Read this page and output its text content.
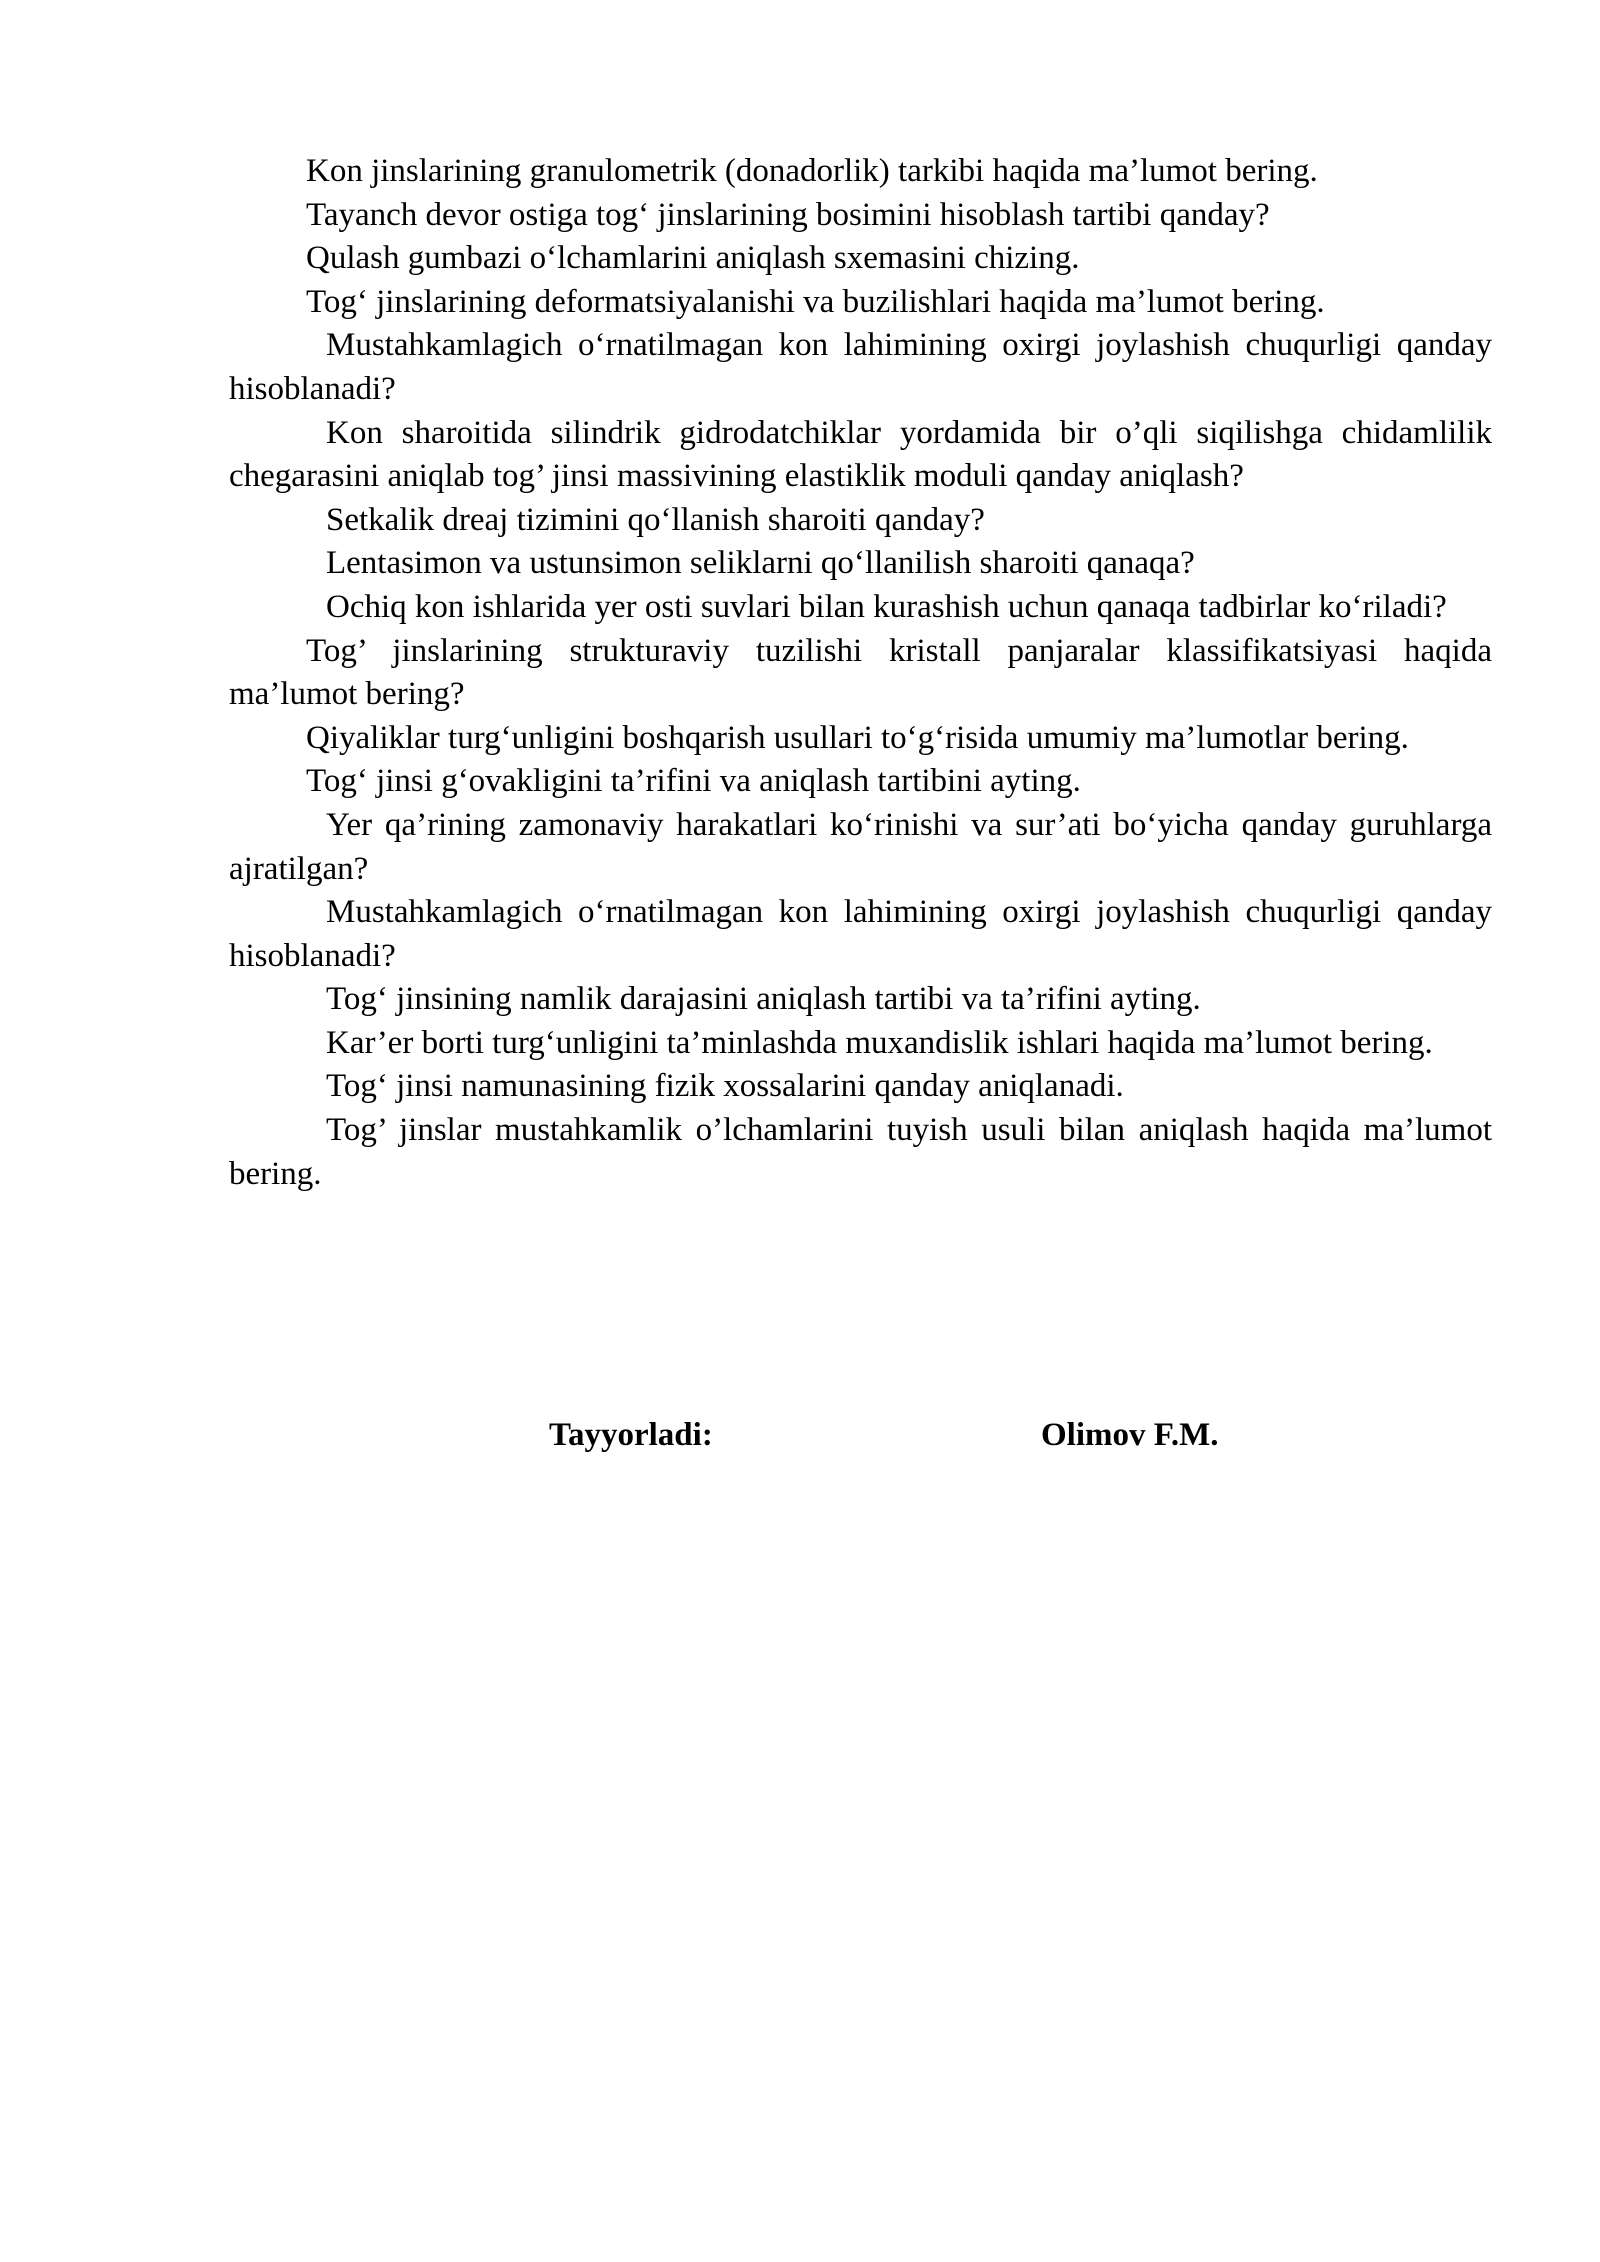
Kon jinslarining granulometrik (donadorlik) tarkibi haqida ma’lumot bering.

Tayanch devor ostiga tog‘ jinslarining bosimini hisoblash tartibi qanday?

Qulash gumbazi o‘lchamlarini aniqlash sxemasini chizing.

Tog‘ jinslarining deformatsiyalanishi va buzilishlari haqida ma’lumot bering.

Mustahkamlagich o‘rnatilmagan kon lahimining oxirgi joylashish chuqurligi qanday hisoblanadi?

Kon sharoitida silindrik gidrodatchiklar yordamida bir o’qli siqilishga chidamlilik chegarasini aniqlab tog’ jinsi massivining elastiklik moduli qanday aniqlash?

Setkalik dreaj tizimini qo‘llanish sharoiti qanday?

Lentasimon va ustunsimon seliklarni qo‘llanilish sharoiti qanaqa?

Ochiq kon ishlarida yer osti suvlari bilan kurashish uchun qanaqa tadbirlar ko‘riladi?

Tog’ jinslarining strukturaviy tuzilishi kristall panjaralar klassifikatsiyasi haqida ma’lumot bering?

Qiyaliklar turg‘unligini boshqarish usullari to‘g‘risida umumiy ma’lumotlar bering.

Tog‘ jinsi g‘ovakligini ta’rifini va aniqlash tartibini ayting.

Yer qa’rining zamonaviy harakatlari ko‘rinishi va sur’ati bo‘yicha qanday guruhlarga ajratilgan?

Mustahkamlagich o‘rnatilmagan kon lahimining oxirgi joylashish chuqurligi qanday hisoblanadi?

Tog‘ jinsining namlik darajasini aniqlash tartibi va ta’rifini ayting.

Kar’er borti turg‘unligini ta’minlashda muxandislik ishlari haqida ma’lumot bering.

Tog‘ jinsi namunasining fizik xossalarini qanday aniqlanadi.

Tog’ jinslar mustahkamlik o’lchamlarini tuyish usuli bilan aniqlash haqida ma’lumot bering.

Tayyorladi:	Olimov F.M.
